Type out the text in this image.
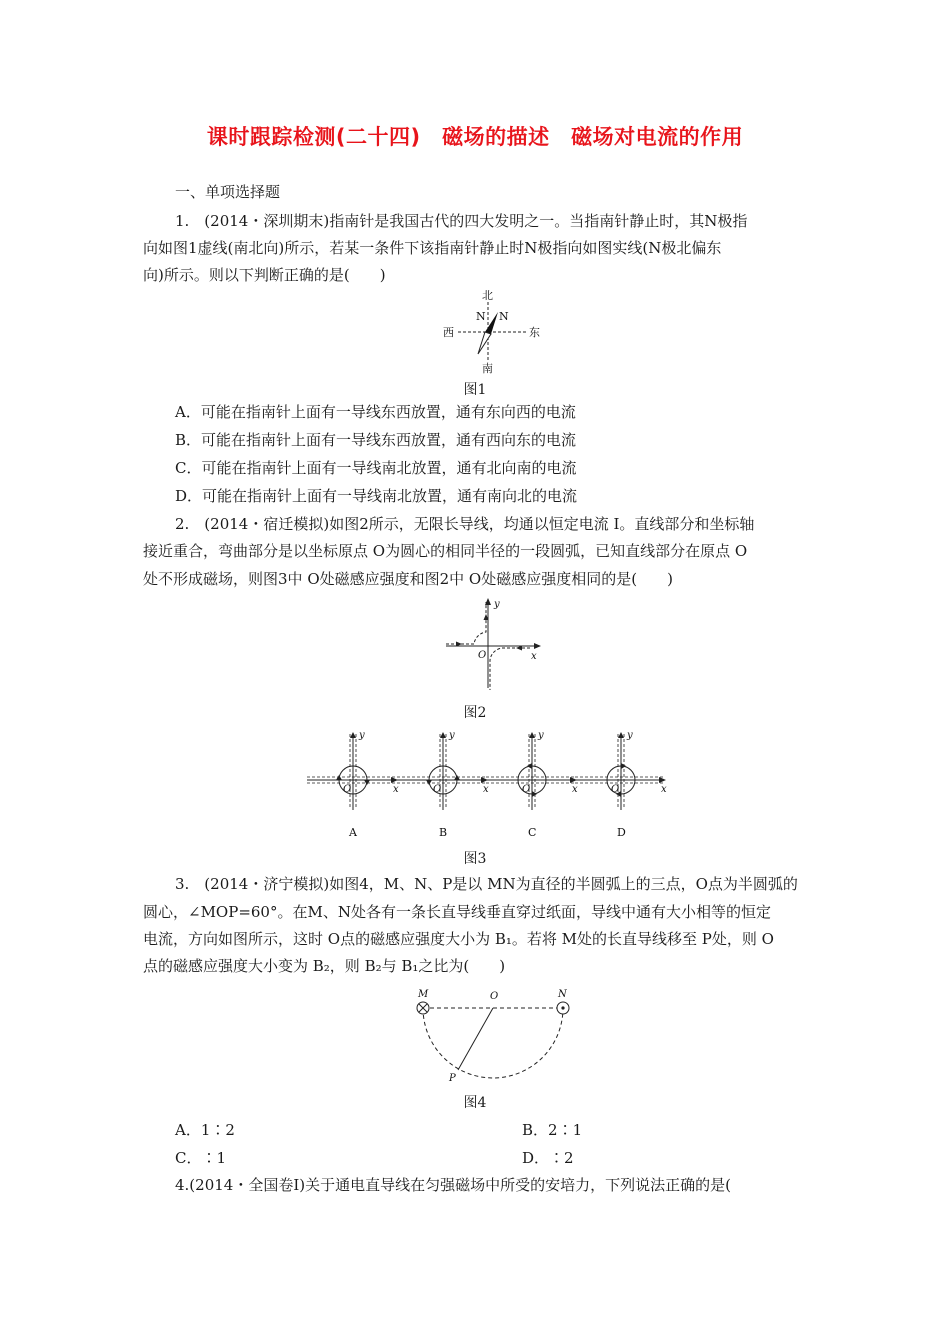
课时跟踪检测(二十四)　磁场的描述　磁场对电流的作用
一、单项选择题
1.　(2014・深圳期末)指南针是我国古代的四大发明之一。当指南针静止时，其N极指
向如图1虚线(南北向)所示，若某一条件下该指南针静止时N极指向如图实线(N极北偏东
向)所示。则以下判断正确的是(　　)
北
南
西	东
N N
图1
A．可能在指南针上面有一导线东西放置，通有东向西的电流
B．可能在指南针上面有一导线东西放置，通有西向东的电流
C．可能在指南针上面有一导线南北放置，通有北向南的电流
D．可能在指南针上面有一导线南北放置，通有南向北的电流
2.　(2014・宿迁模拟)如图2所示，无限长导线，均通以恒定电流 I。直线部分和坐标轴
接近重合，弯曲部分是以坐标原点 O为圆心的相同半径的一段圆弧，已知直线部分在原点 O
处不形成磁场，则图3中 O处磁感应强度和图2中 O处磁感应强度相同的是(　　)
y
x
O
图2
y
x
O
y
x
O
y
x
O
y
x
O
A	B	C	D
图3
3.　(2014・济宁模拟)如图4，M、N、P是以 MN为直径的半圆弧上的三点，O点为半圆弧的
圆心，∠MOP=60°。在M、N处各有一条长直导线垂直穿过纸面，导线中通有大小相等的恒定
电流，方向如图所示，这时 O点的磁感应强度大小为 B₁。若将 M处的长直导线移至 P处，则 O
点的磁感应强度大小变为 B₂，则 B₂与 B₁之比为(　　)
M	O	N
P
图4
A．1∶2	B．2∶1
C．∶1	D．∶2
4.(2014・全国卷Ⅰ)关于通电直导线在匀强磁场中所受的安培力，下列说法正确的是(
